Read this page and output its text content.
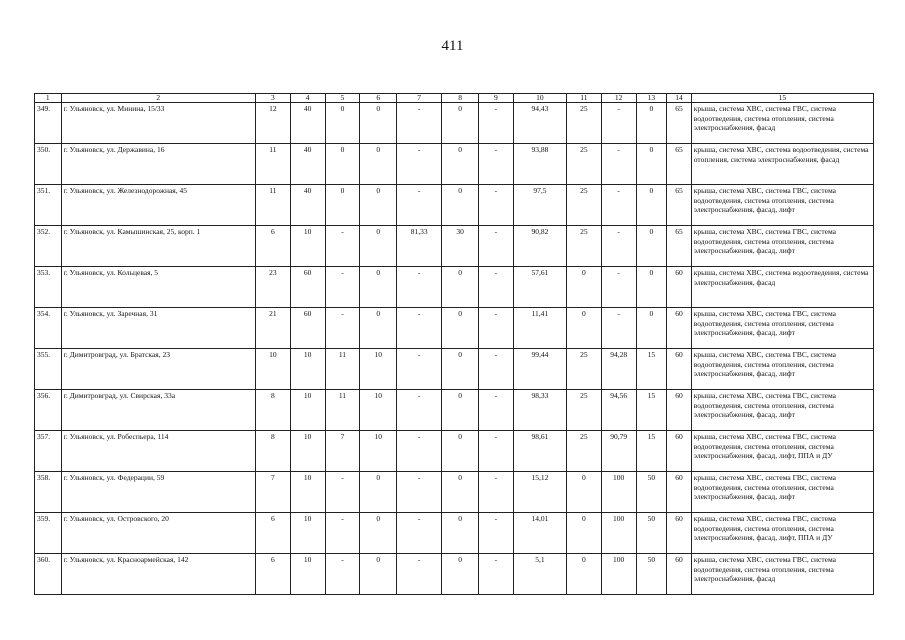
411
1	2	3	4	5	6	7	8	9	10	11	12	13	14	15
349.	г. Ульяновск, ул. Минина, 15/33	12	40	0	0	-	0	-	94,43	25	-	0	65	крыша, система ХВС, система ГВС, система водоотведения, система отопления, система электроснабжения, фасад
350.	г. Ульяновск, ул. Державина, 16	11	40	0	0	-	0	-	93,88	25	-	0	65	крыша, система ХВС, система водоотведения, система отопления, система электроснабжения, фасад
351.	г. Ульяновск, ул. Железнодорожная, 45	11	40	0	0	-	0	-	97,5	25	-	0	65	крыша, система ХВС, система ГВС, система водоотведения, система отопления, система электроснабжения, фасад, лифт
352.	г. Ульяновск, ул. Камышинская, 25, корп. 1	6	10	-	0	81,33	30	-	90,82	25	-	0	65	крыша, система ХВС, система ГВС, система водоотведения, система отопления, система электроснабжения, фасад, лифт
353.	г. Ульяновск, ул. Кольцевая, 5	23	60	-	0	-	0	-	57,61	0	-	0	60	крыша, система ХВС, система водоотведения, система электроснабжения, фасад
354.	г. Ульяновск, ул. Заречная, 31	21	60	-	0	-	0	-	11,41	0	-	0	60	крыша, система ХВС, система ГВС, система водоотведения, система отопления, система электроснабжения, фасад, лифт
355.	г. Димитровград, ул. Братская, 23	10	10	11	10	-	0	-	99,44	25	94,28	15	60	крыша, система ХВС, система ГВС, система водоотведения, система отопления, система электроснабжения, фасад, лифт
356.	г. Димитровград, ул. Свирская, 33а	8	10	11	10	-	0	-	98,33	25	94,56	15	60	крыша, система ХВС, система ГВС, система водоотведения, система отопления, система электроснабжения, фасад, лифт
357.	г. Ульяновск, ул. Робеспьера, 114	8	10	7	10	-	0	-	98,61	25	90,79	15	60	крыша, система ХВС, система ГВС, система водоотведения, система отопления, система электроснабжения, фасад, лифт, ППА и ДУ
358.	г. Ульяновск, ул. Федерации, 59	7	10	-	0	-	0	-	15,12	0	100	50	60	крыша, система ХВС, система ГВС, система водоотведения, система отопления, система электроснабжения, фасад, лифт
359.	г. Ульяновск, ул. Островского, 20	6	10	-	0	-	0	-	14,01	0	100	50	60	крыша, система ХВС, система ГВС, система водоотведения, система отопления, система электроснабжения, фасад, лифт, ППА и ДУ
360.	г. Ульяновск, ул. Красноармейская, 142	6	10	-	0	-	0	-	5,1	0	100	50	60	крыша, система ХВС, система ГВС, система водоотведения, система отопления, система электроснабжения, фасад
